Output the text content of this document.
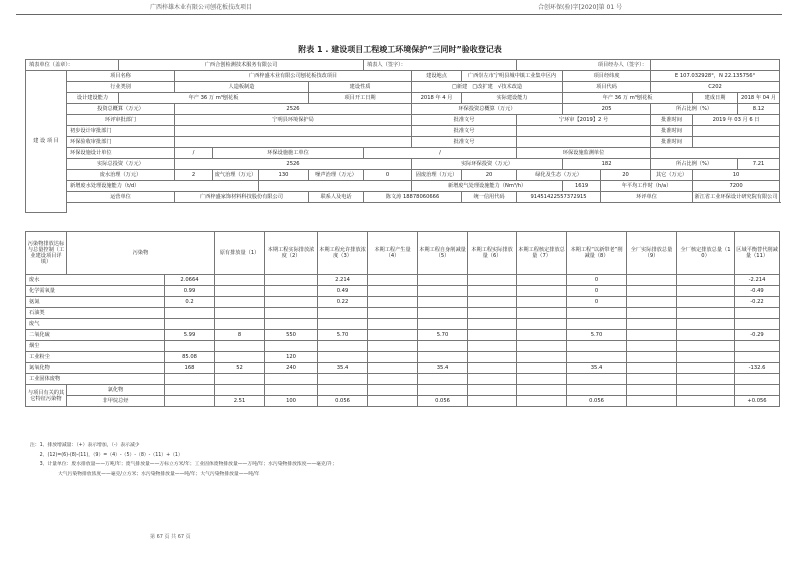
广西梓雄木业有限公司刨花板技改项目	合创环保(验)字[2020]第 01 号
附表 1 . 建设项目工程竣工环境保护“三同时”验收登记表
填表单位（盖章）：		广西合创检测技术服务有限公司					填表人（签字）：			项目经办人（签字）：					
建 设 项 目	项目名称		广西梓盛木业有限公司刨花板技改项目					建设地点	广西崇左市宁明县城中镇工业集中区内		项目经纬度		E 107.032928°，N 22.135756°		
	行业类别		人造板制造			建设性质		□新建　□改扩建　√技术改造			项目代码		C202		
	设计建设能力	年产 36 万 m³刨花板				项目开工日期		2018 年 4 月	实际建设能力		年产 36 万 m³刨花板			建成日期	2018 年 04 月
	投资总概算（万元）		2526					环保投资总概算（万元）			205		所占比例（%）		8.12
	环评审批部门		宁明县环境保护局					批准文号		宁环审【2019】2 号			批准时间	2019 年 03 月 6 日	
	初步设计审批部门							批准文号					批准时间		
	环保验收审批部门							批准文号					批准时间		
	环保设施设计单位		/	环保设施施工单位			/			环保设施监测单位					
	实际总投资（万元）		2526					实际环保投资（万元）			182		所占比例（%）		7.21
	废水治理（万元）		2	废气治理（万元）	130	噪声治理（万元）	0	固废治理（万元）	20	绿化及生态（万元）		20	其它（万元）	10	
	新增废水处理设施能力（t/d）							新增废气处理设施能力（Nm³/h）			1619	年平均工作时（h/a）		7200	
	运营单位		广西梓盛家饰材料科技股份有限公司			联系人及电话	陈文涛 18878060666		统一信用代码	91451422557372915		环评单位		浙江省工业环保设计研究院有限公司	

污染物排放达标与总量控制（工业建设项目详填）	污染物		原有排放量（1）	本期工程实际排放浓度（2）	本期工程允许排放浓度（3）	本期工程产生量（4）	本期工程自身削减量（5）	本期工程实际排放量（6）	本期工程核定排放总量（7）	本期工程“以新带老”削减量（8）	全厂实际排放总量（9）	全厂核定排放总量（10）	区域平衡替代削减量（11）	
废水		2.0664			2.214					0			-2.214	
化学需氧量		0.99			0.49					0			-0.49	
氨氮		0.2			0.22					0			-0.22	
石油类														
废气														
二氧化硫		5.99	8	550	5.70		5.70			5.70			-0.29	
烟尘														
工业粉尘		85.08		120										
氮氧化物		168	52	240	35.4		35.4			35.4			-132.6	
工业固体废物														
与项目有关的其它特征污染物	氯化物													
	非甲烷总烃		2.51	100	0.056		0.056			0.056			+0.056	
注：1、排放增减量：（+）表示增加，（-）表示减少
　　2、(12)=(6)-(8)-(11)，（9）=（4）-（5）-（8）-（11）+（1）
　　3、计量单位：废水排放量——万吨/年；废气排放量——万标立方米/年；工业固体废物排放量——万吨/年；水污染物排放浓度——毫克/升；
大气污染物排放浓度——毫克/立方米；水污染物排放量——吨/年；大气污染物排放量——吨/年
第 67 页 共 67 页
